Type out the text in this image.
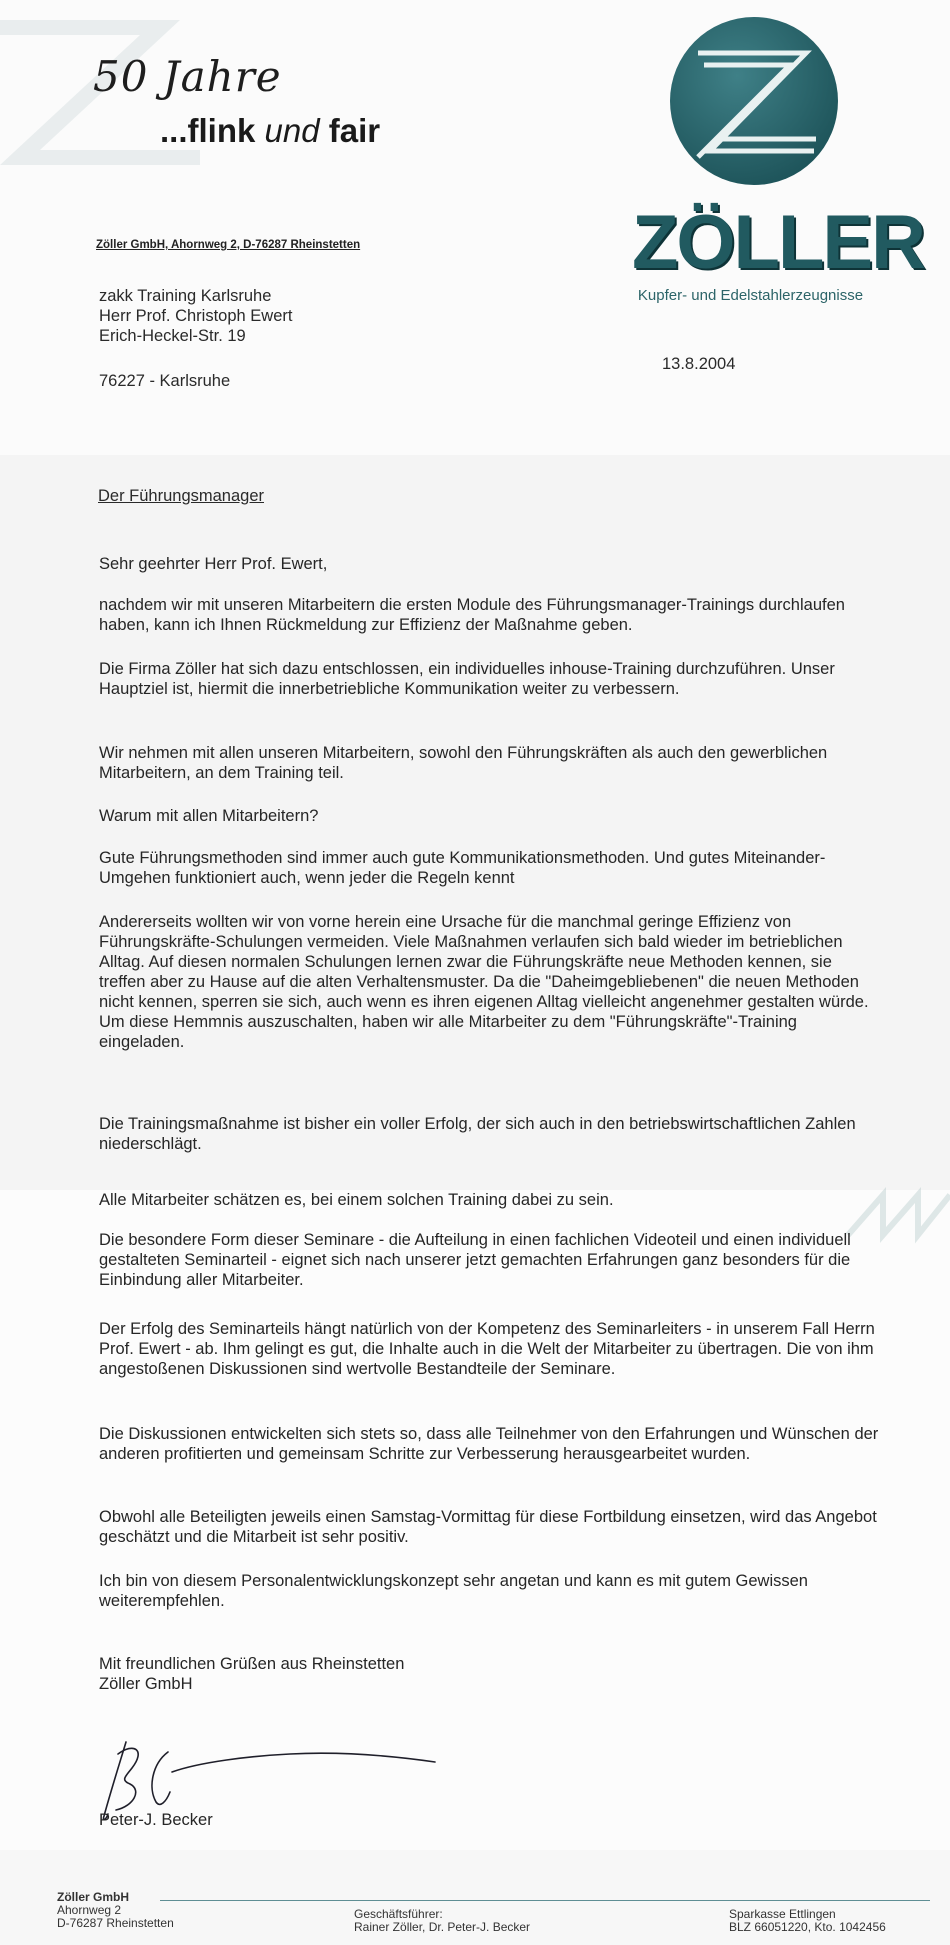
50 Jahre
...flink und fair
ZÖLLER
Kupfer- und Edelstahlerzeugnisse
Zöller GmbH, Ahornweg 2, D-76287 Rheinstetten
zakk Training Karlsruhe
Herr Prof. Christoph Ewert
Erich-Heckel-Str. 19
76227 - Karlsruhe
13.8.2004
Der Führungsmanager

Sehr geehrter Herr Prof. Ewert,

nachdem wir mit unseren Mitarbeitern die ersten Module des Führungsmanager-Trainings durchlaufen haben, kann ich Ihnen Rückmeldung zur Effizienz der Maßnahme geben.

Die Firma Zöller hat sich dazu entschlossen, ein individuelles inhouse-Training durchzuführen. Unser Hauptziel ist, hiermit die innerbetriebliche Kommunikation weiter zu verbessern.

Wir nehmen mit allen unseren Mitarbeitern, sowohl den Führungskräften als auch den gewerblichen Mitarbeitern, an dem Training teil.

Warum mit allen Mitarbeitern?

Gute Führungsmethoden sind immer auch gute Kommunikationsmethoden. Und gutes Miteinander-Umgehen funktioniert auch, wenn jeder die Regeln kennt

Andererseits wollten wir von vorne herein eine Ursache für die manchmal geringe Effizienz von Führungskräfte-Schulungen vermeiden. Viele Maßnahmen verlaufen sich bald wieder im betrieblichen Alltag. Auf diesen normalen Schulungen lernen zwar die Führungskräfte neue Methoden kennen, sie treffen aber zu Hause auf die alten Verhaltensmuster. Da die "Daheimgebliebenen" die neuen Methoden nicht kennen, sperren sie sich, auch wenn es ihren eigenen Alltag vielleicht angenehmer gestalten würde. Um diese Hemmnis auszuschalten, haben wir alle Mitarbeiter zu dem "Führungskräfte"-Training eingeladen.

Die Trainingsmaßnahme ist bisher ein voller Erfolg, der sich auch in den betriebswirtschaftlichen Zahlen niederschlägt.

Alle Mitarbeiter schätzen es, bei einem solchen Training dabei zu sein.

Die besondere Form dieser Seminare - die Aufteilung in einen fachlichen Videoteil und einen individuell gestalteten Seminarteil - eignet sich nach unserer jetzt gemachten Erfahrungen ganz besonders für die Einbindung aller Mitarbeiter.

Der Erfolg des Seminarteils hängt natürlich von der Kompetenz des Seminarleiters - in unserem Fall Herrn Prof. Ewert - ab. Ihm gelingt es gut, die Inhalte auch in die Welt der Mitarbeiter zu übertragen. Die von ihm angestoßenen Diskussionen sind wertvolle Bestandteile der Seminare.

Die Diskussionen entwickelten sich stets so, dass alle Teilnehmer von den Erfahrungen und Wünschen der anderen profitierten und gemeinsam Schritte zur Verbesserung herausgearbeitet wurden.

Obwohl alle Beteiligten jeweils einen Samstag-Vormittag für diese Fortbildung einsetzen, wird das Angebot geschätzt und die Mitarbeit ist sehr positiv.

Ich bin von diesem Personalentwicklungskonzept sehr angetan und kann es mit gutem Gewissen weiterempfehlen.

Mit freundlichen Grüßen aus Rheinstetten

Zöller GmbH

Peter-J. Becker
Zöller GmbH
Ahornweg 2
D-76287 Rheinstetten
Geschäftsführer:
Rainer Zöller, Dr. Peter-J. Becker
Sparkasse Ettlingen
BLZ 66051220, Kto. 1042456
